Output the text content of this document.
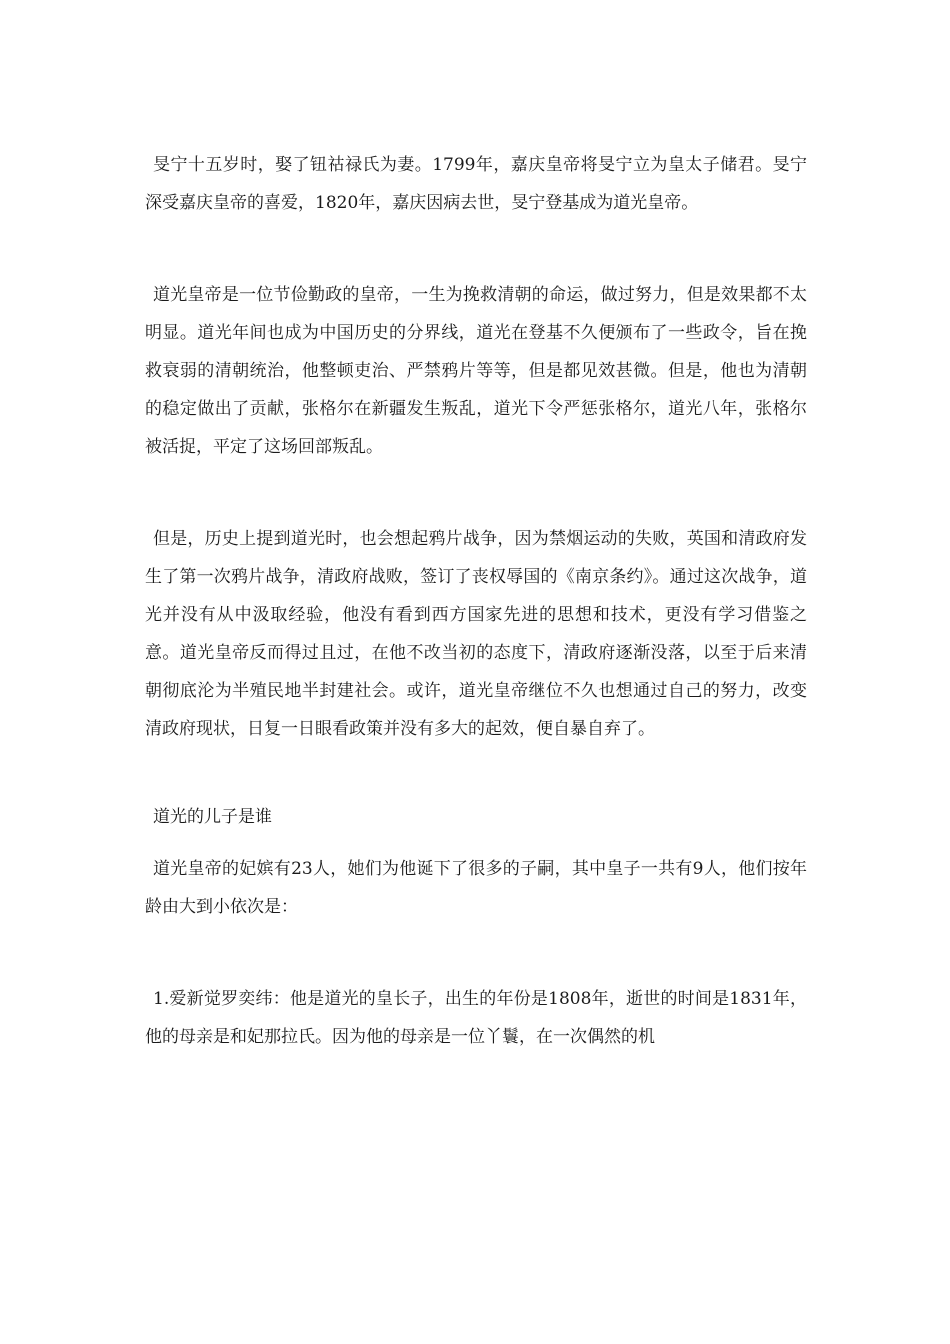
旻宁十五岁时，娶了钮祜禄氏为妻。1799年，嘉庆皇帝将旻宁立为皇太子储君。旻宁深受嘉庆皇帝的喜爱，1820年，嘉庆因病去世，旻宁登基成为道光皇帝。

道光皇帝是一位节俭勤政的皇帝，一生为挽救清朝的命运，做过努力，但是效果都不太明显。道光年间也成为中国历史的分界线，道光在登基不久便颁布了一些政令，旨在挽救衰弱的清朝统治，他整顿吏治、严禁鸦片等等，但是都见效甚微。但是，他也为清朝的稳定做出了贡献，张格尔在新疆发生叛乱，道光下令严惩张格尔，道光八年，张格尔被活捉，平定了这场回部叛乱。

但是，历史上提到道光时，也会想起鸦片战争，因为禁烟运动的失败，英国和清政府发生了第一次鸦片战争，清政府战败，签订了丧权辱国的《南京条约》。通过这次战争，道光并没有从中汲取经验，他没有看到西方国家先进的思想和技术，更没有学习借鉴之意。道光皇帝反而得过且过，在他不改当初的态度下，清政府逐渐没落，以至于后来清朝彻底沦为半殖民地半封建社会。或许，道光皇帝继位不久也想通过自己的努力，改变清政府现状，日复一日眼看政策并没有多大的起效，便自暴自弃了。

道光的儿子是谁

道光皇帝的妃嫔有23人，她们为他诞下了很多的子嗣，其中皇子一共有9人，他们按年龄由大到小依次是：

1.爱新觉罗奕纬：他是道光的皇长子，出生的年份是1808年，逝世的时间是1831年，他的母亲是和妃那拉氏。因为他的母亲是一位丫鬟，在一次偶然的机
